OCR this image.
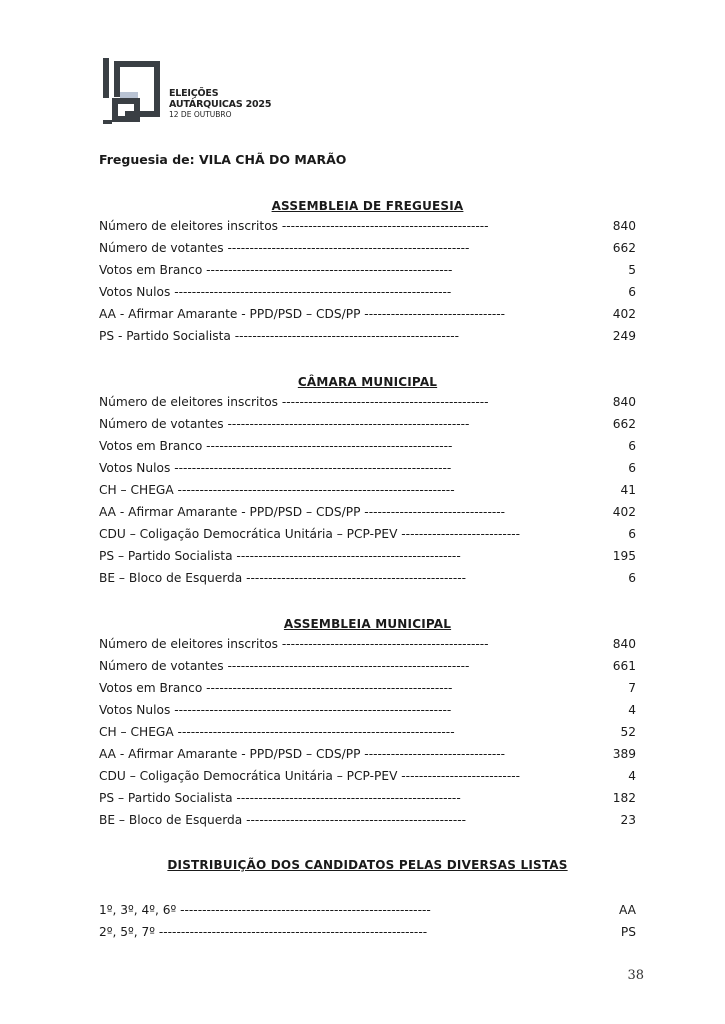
ELEIÇÕES
AUTÁRQUICAS 2025
12 DE OUTUBRO
Freguesia de: VILA CHÃ DO MARÃO
ASSEMBLEIA DE FREGUESIA
Número de eleitores inscritos -----------------------------------------------	840
Número de votantes -------------------------------------------------------	662
Votos em Branco --------------------------------------------------------	5
Votos Nulos ---------------------------------------------------------------	6
AA - Afirmar Amarante - PPD/PSD – CDS/PP --------------------------------	402
PS - Partido Socialista ---------------------------------------------------	249
CÂMARA MUNICIPAL
Número de eleitores inscritos -----------------------------------------------	840
Número de votantes -------------------------------------------------------	662
Votos em Branco --------------------------------------------------------	6
Votos Nulos ---------------------------------------------------------------	6
CH – CHEGA ---------------------------------------------------------------	41
AA - Afirmar Amarante - PPD/PSD – CDS/PP --------------------------------	402
CDU – Coligação Democrática Unitária – PCP-PEV ---------------------------	6
PS – Partido Socialista ---------------------------------------------------	195
BE – Bloco de Esquerda --------------------------------------------------	6
ASSEMBLEIA MUNICIPAL
Número de eleitores inscritos -----------------------------------------------	840
Número de votantes -------------------------------------------------------	661
Votos em Branco --------------------------------------------------------	7
Votos Nulos ---------------------------------------------------------------	4
CH – CHEGA ---------------------------------------------------------------	52
AA - Afirmar Amarante - PPD/PSD – CDS/PP --------------------------------	389
CDU – Coligação Democrática Unitária – PCP-PEV ---------------------------	4
PS – Partido Socialista ---------------------------------------------------	182
BE – Bloco de Esquerda --------------------------------------------------	23
DISTRIBUIÇÃO DOS CANDIDATOS PELAS DIVERSAS LISTAS
1º, 3º, 4º, 6º ---------------------------------------------------------	AA
2º, 5º, 7º -------------------------------------------------------------	PS
38
